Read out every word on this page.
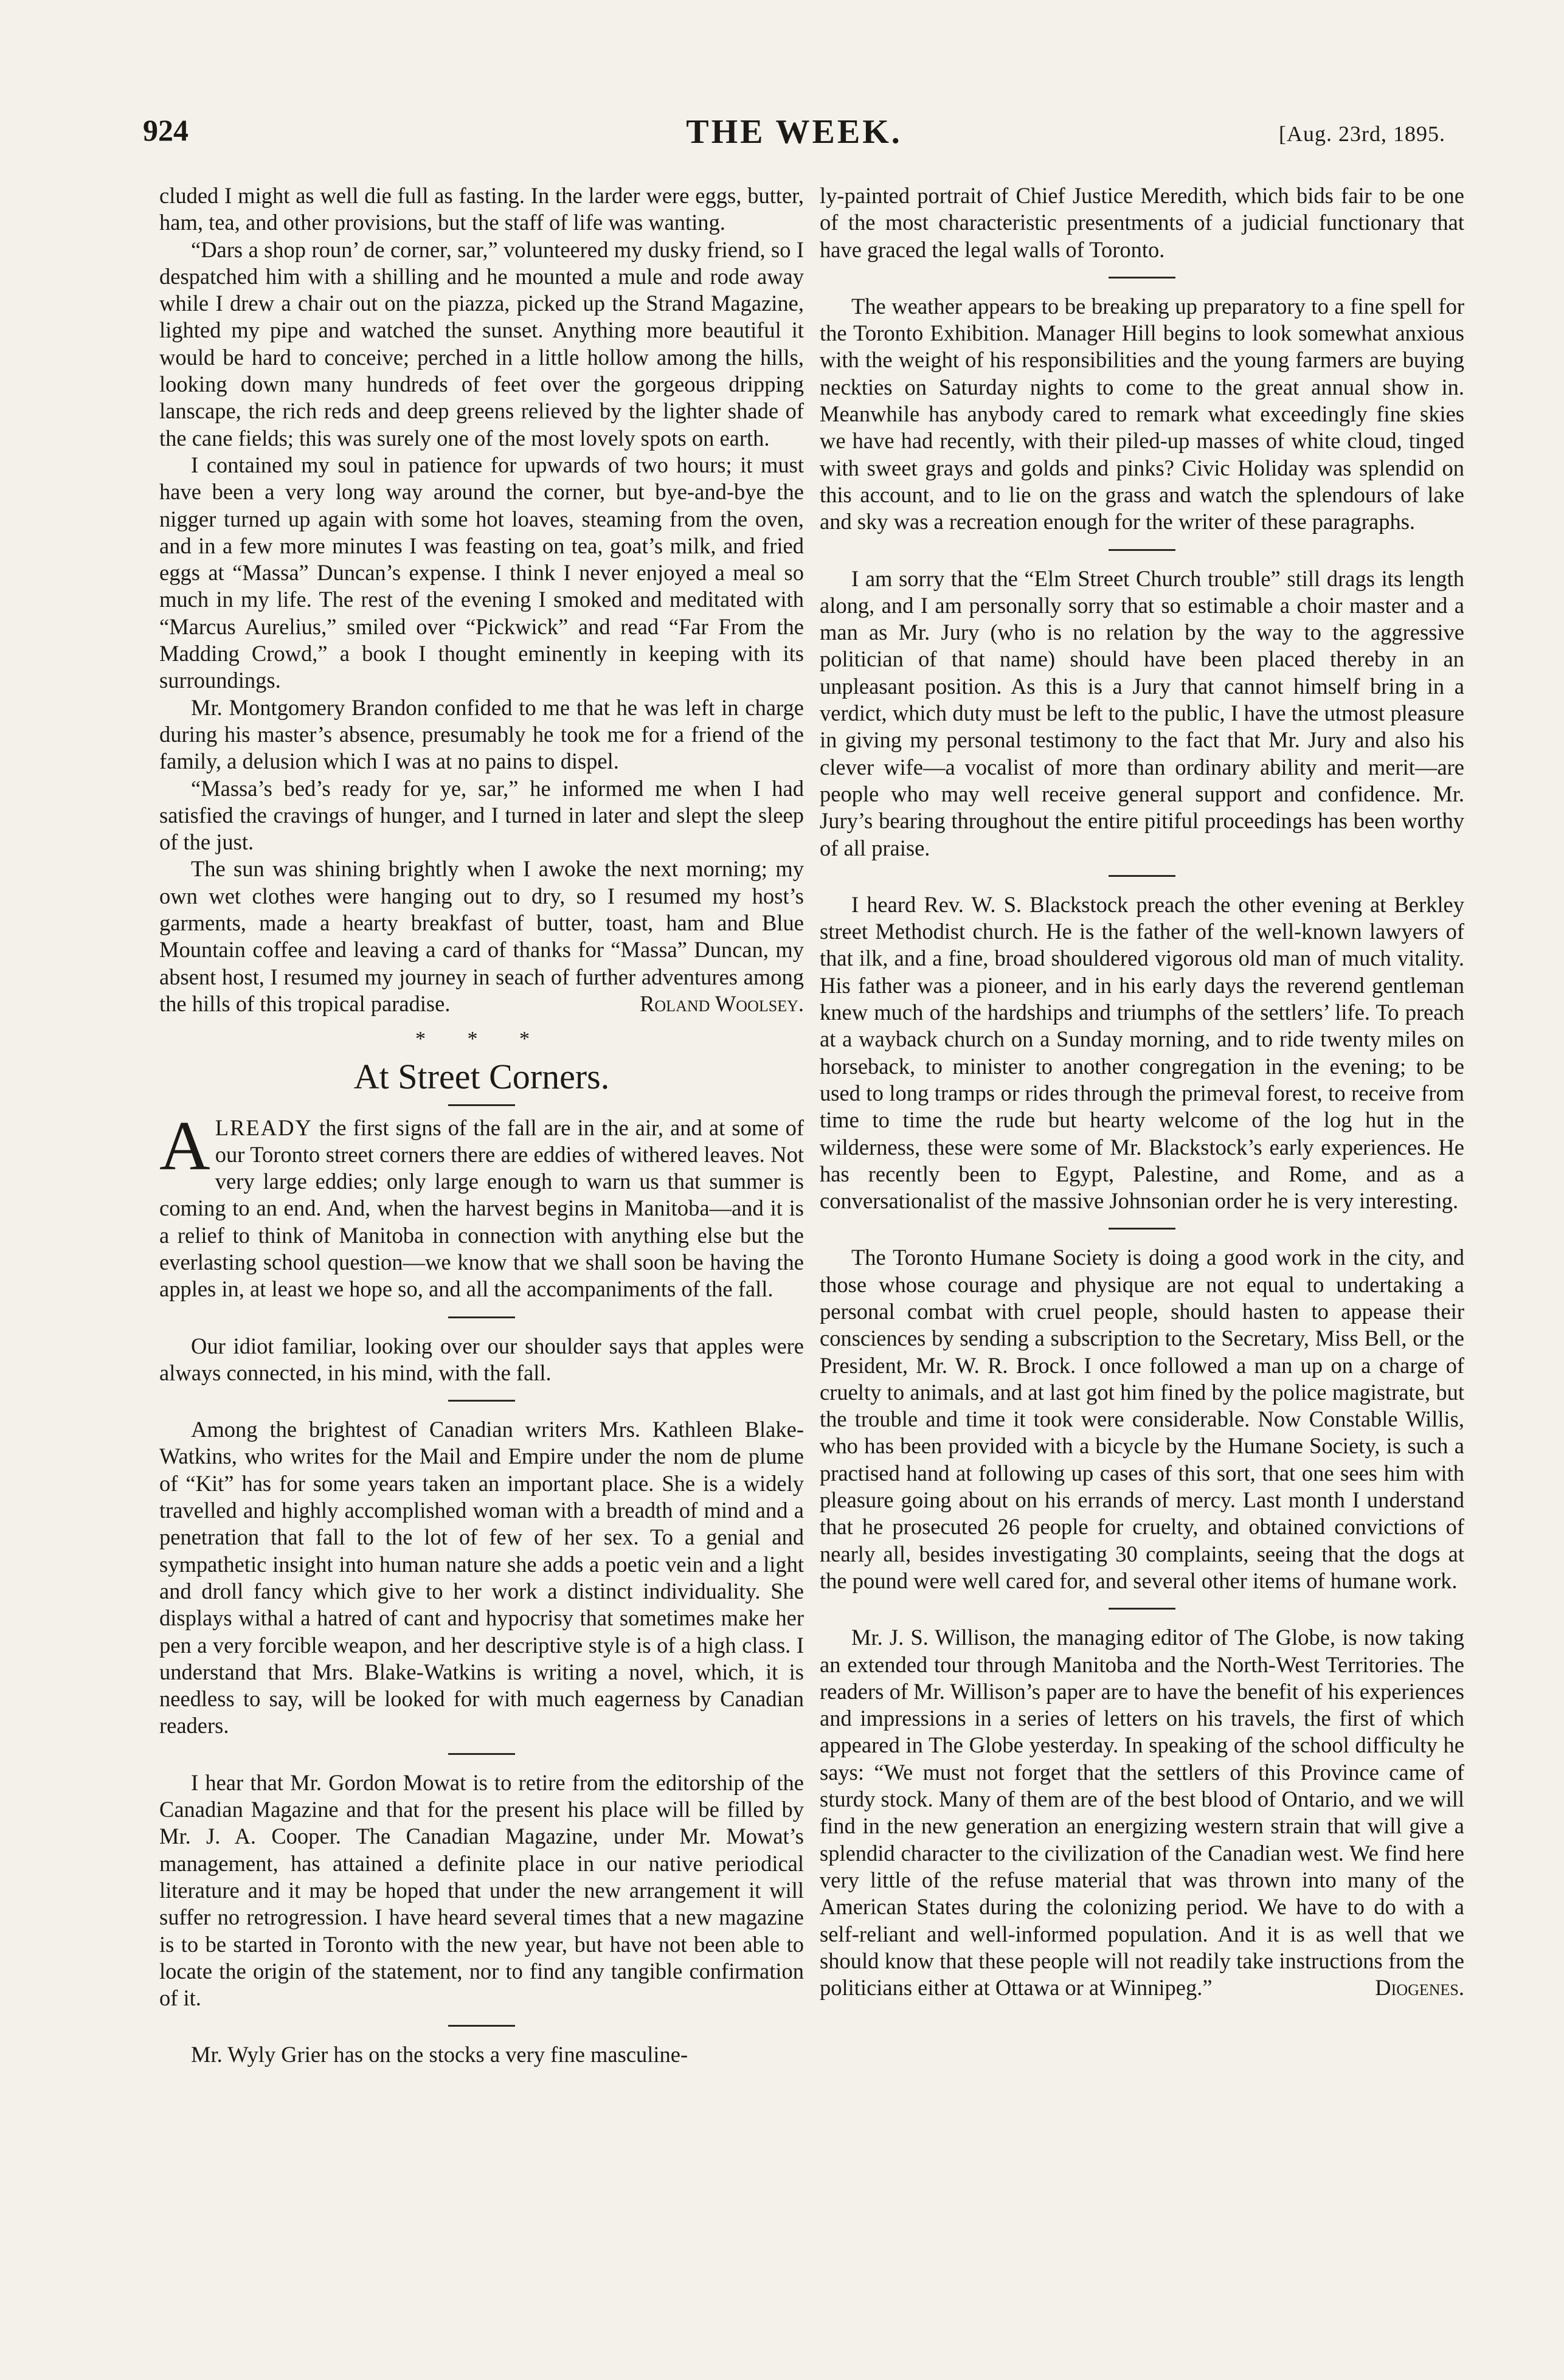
924	THE WEEK.	[Aug. 23rd, 1895.

cluded I might as well die full as fasting. In the larder were eggs, butter, ham, tea, and other provisions, but the staff of life was wanting.

“Dars a shop roun’ de corner, sar,” volunteered my dusky friend, so I despatched him with a shilling and he mounted a mule and rode away while I drew a chair out on the piazza, picked up the Strand Magazine, lighted my pipe and watched the sunset. Anything more beautiful it would be hard to conceive; perched in a little hollow among the hills, looking down many hundreds of feet over the gorgeous dripping lanscape, the rich reds and deep greens relieved by the lighter shade of the cane fields; this was surely one of the most lovely spots on earth.

I contained my soul in patience for upwards of two hours; it must have been a very long way around the corner, but bye-and-bye the nigger turned up again with some hot loaves, steaming from the oven, and in a few more minutes I was feasting on tea, goat’s milk, and fried eggs at “Massa” Duncan’s expense. I think I never enjoyed a meal so much in my life. The rest of the evening I smoked and meditated with “Marcus Aurelius,” smiled over “Pickwick” and read “Far From the Madding Crowd,” a book I thought eminently in keeping with its surroundings.

Mr. Montgomery Brandon confided to me that he was left in charge during his master’s absence, presumably he took me for a friend of the family, a delusion which I was at no pains to dispel.

“Massa’s bed’s ready for ye, sar,” he informed me when I had satisfied the cravings of hunger, and I turned in later and slept the sleep of the just.

The sun was shining brightly when I awoke the next morning; my own wet clothes were hanging out to dry, so I resumed my host’s garments, made a hearty breakfast of butter, toast, ham and Blue Mountain coffee and leaving a card of thanks for “Massa” Duncan, my absent host, I resumed my journey in seach of further adventures among the hills of this tropical paradise.	Roland Woolsey.

* * *
At Street Corners.

ALREADY the first signs of the fall are in the air, and at some of our Toronto street corners there are eddies of withered leaves. Not very large eddies; only large enough to warn us that summer is coming to an end. And, when the harvest begins in Manitoba—and it is a relief to think of Manitoba in connection with anything else but the everlasting school question—we know that we shall soon be having the apples in, at least we hope so, and all the accompaniments of the fall.

Our idiot familiar, looking over our shoulder says that apples were always connected, in his mind, with the fall.

Among the brightest of Canadian writers Mrs. Kathleen Blake-Watkins, who writes for the Mail and Empire under the nom de plume of “Kit” has for some years taken an important place. She is a widely travelled and highly accomplished woman with a breadth of mind and a penetration that fall to the lot of few of her sex. To a genial and sympathetic insight into human nature she adds a poetic vein and a light and droll fancy which give to her work a distinct individuality. She displays withal a hatred of cant and hypocrisy that sometimes make her pen a very forcible weapon, and her descriptive style is of a high class. I understand that Mrs. Blake-Watkins is writing a novel, which, it is needless to say, will be looked for with much eagerness by Canadian readers.

I hear that Mr. Gordon Mowat is to retire from the editorship of the Canadian Magazine and that for the present his place will be filled by Mr. J. A. Cooper. The Canadian Magazine, under Mr. Mowat’s management, has attained a definite place in our native periodical literature and it may be hoped that under the new arrangement it will suffer no retrogression. I have heard several times that a new magazine is to be started in Toronto with the new year, but have not been able to locate the origin of the statement, nor to find any tangible confirmation of it.

Mr. Wyly Grier has on the stocks a very fine masculine-

ly-painted portrait of Chief Justice Meredith, which bids fair to be one of the most characteristic presentments of a judicial functionary that have graced the legal walls of Toronto.

The weather appears to be breaking up preparatory to a fine spell for the Toronto Exhibition. Manager Hill begins to look somewhat anxious with the weight of his responsibilities and the young farmers are buying neckties on Saturday nights to come to the great annual show in. Meanwhile has anybody cared to remark what exceedingly fine skies we have had recently, with their piled-up masses of white cloud, tinged with sweet grays and golds and pinks? Civic Holiday was splendid on this account, and to lie on the grass and watch the splendours of lake and sky was a recreation enough for the writer of these paragraphs.

I am sorry that the “Elm Street Church trouble” still drags its length along, and I am personally sorry that so estimable a choir master and a man as Mr. Jury (who is no relation by the way to the aggressive politician of that name) should have been placed thereby in an unpleasant position. As this is a Jury that cannot himself bring in a verdict, which duty must be left to the public, I have the utmost pleasure in giving my personal testimony to the fact that Mr. Jury and also his clever wife—a vocalist of more than ordinary ability and merit—are people who may well receive general support and confidence. Mr. Jury’s bearing throughout the entire pitiful proceedings has been worthy of all praise.

I heard Rev. W. S. Blackstock preach the other evening at Berkley street Methodist church. He is the father of the well-known lawyers of that ilk, and a fine, broad shouldered vigorous old man of much vitality. His father was a pioneer, and in his early days the reverend gentleman knew much of the hardships and triumphs of the settlers’ life. To preach at a wayback church on a Sunday morning, and to ride twenty miles on horseback, to minister to another congregation in the evening; to be used to long tramps or rides through the primeval forest, to receive from time to time the rude but hearty welcome of the log hut in the wilderness, these were some of Mr. Blackstock’s early experiences. He has recently been to Egypt, Palestine, and Rome, and as a conversationalist of the massive Johnsonian order he is very interesting.

The Toronto Humane Society is doing a good work in the city, and those whose courage and physique are not equal to undertaking a personal combat with cruel people, should hasten to appease their consciences by sending a subscription to the Secretary, Miss Bell, or the President, Mr. W. R. Brock. I once followed a man up on a charge of cruelty to animals, and at last got him fined by the police magistrate, but the trouble and time it took were considerable. Now Constable Willis, who has been provided with a bicycle by the Humane Society, is such a practised hand at following up cases of this sort, that one sees him with pleasure going about on his errands of mercy. Last month I understand that he prosecuted 26 people for cruelty, and obtained convictions of nearly all, besides investigating 30 complaints, seeing that the dogs at the pound were well cared for, and several other items of humane work.

Mr. J. S. Willison, the managing editor of The Globe, is now taking an extended tour through Manitoba and the North-West Territories. The readers of Mr. Willison’s paper are to have the benefit of his experiences and impressions in a series of letters on his travels, the first of which appeared in The Globe yesterday. In speaking of the school difficulty he says: “We must not forget that the settlers of this Province came of sturdy stock. Many of them are of the best blood of Ontario, and we will find in the new generation an energizing western strain that will give a splendid character to the civilization of the Canadian west. We find here very little of the refuse material that was thrown into many of the American States during the colonizing period. We have to do with a self-reliant and well-informed population. And it is as well that we should know that these people will not readily take instructions from the politicians either at Ottawa or at Winnipeg.”	Diogenes.
